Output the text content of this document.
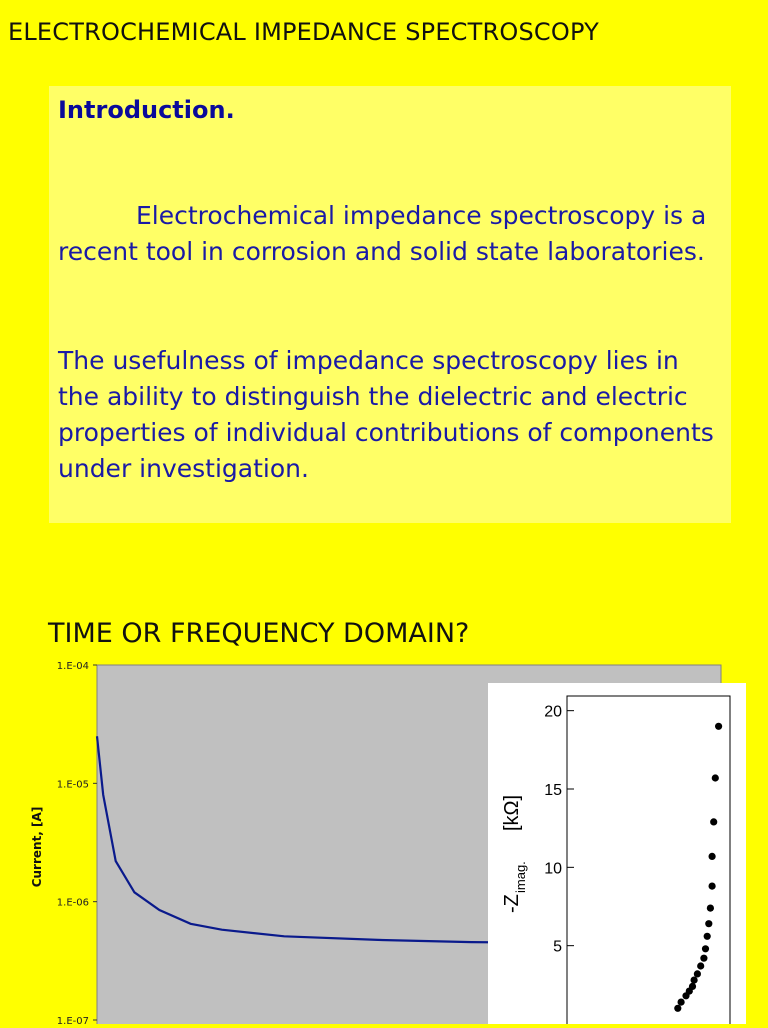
ELECTROCHEMICAL IMPEDANCE SPECTROSCOPY
Introduction.
Electrochemical impedance spectroscopy is a recent tool in corrosion and solid state laboratories.
The usefulness of impedance spectroscopy lies in the ability to distinguish the dielectric and electric properties of individual contributions of components under investigation.
TIME OR FREQUENCY DOMAIN?
1.E-04
1.E-05
1.E-06
1.E-07
Current, [A]
5
10
15
20
-Z
imag.
[kΩ]
